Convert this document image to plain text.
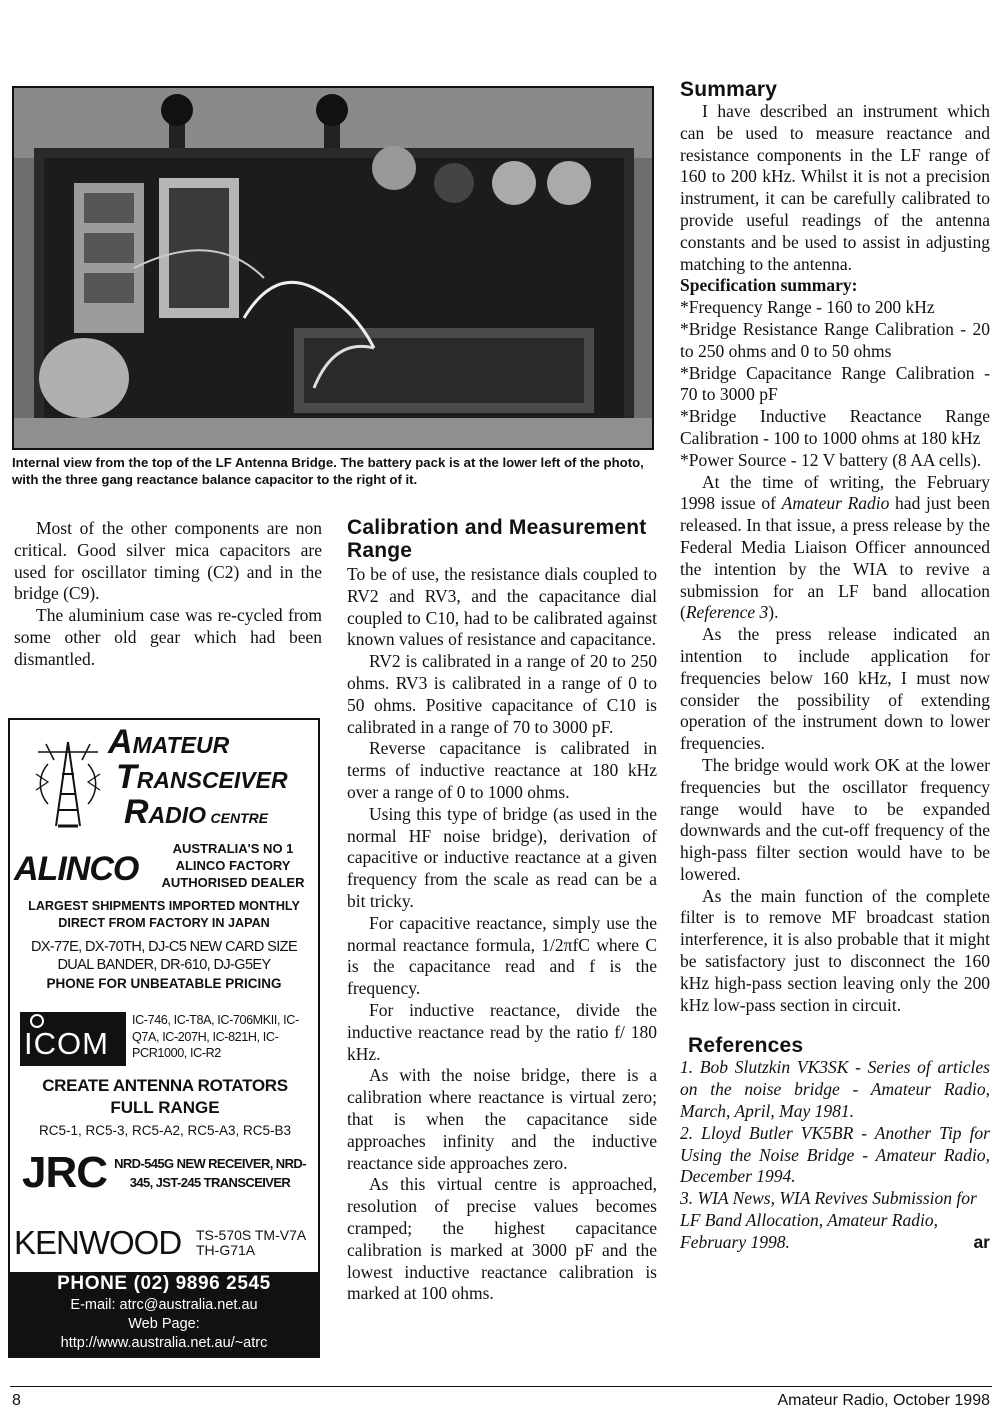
Internal view from the top of the LF Antenna Bridge. The battery pack is at the lower left of the photo, with the three gang reactance balance capacitor to the right of it.

Most of the other components are non critical. Good silver mica capacitors are used for oscillator timing (C2) and in the bridge (C9).

The aluminium case was re-cycled from some other old gear which had been dismantled.

AMATEUR
TRANSCEIVER
RADIO CENTRE
ALINCO
AUSTRALIA'S NO 1 ALINCO FACTORY AUTHORISED DEALER
LARGEST SHIPMENTS IMPORTED MONTHLY DIRECT FROM FACTORY IN JAPAN
DX-77E, DX-70TH, DJ-C5 NEW CARD SIZE DUAL BANDER, DR-610, DJ-G5EY
PHONE FOR UNBEATABLE PRICING
ICOM
IC-746, IC-T8A, IC-706MKII, IC-Q7A, IC-207H, IC-821H, IC-PCR1000, IC-R2
CREATE ANTENNA ROTATORS
FULL RANGE
RC5-1, RC5-3, RC5-A2, RC5-A3, RC5-B3
JRC NRD-545G NEW RECEIVER, NRD-345, JST-245 TRANSCEIVER
KENWOOD TS-570S TM-V7A TH-G71A
PHONE (02) 9896 2545
E-mail: atrc@australia.net.au
Web Page:
http://www.australia.net.au/~atrc
Calibration and Measurement Range

To be of use, the resistance dials coupled to RV2 and RV3, and the capacitance dial coupled to C10, had to be calibrated against known values of resistance and capacitance.

RV2 is calibrated in a range of 20 to 250 ohms. RV3 is calibrated in a range of 0 to 50 ohms. Positive capacitance of C10 is calibrated in a range of 70 to 3000 pF.

Reverse capacitance is calibrated in terms of inductive reactance at 180 kHz over a range of 0 to 1000 ohms.

Using this type of bridge (as used in the normal HF noise bridge), derivation of capacitive or inductive reactance at a given frequency from the scale as read can be a bit tricky.

For capacitive reactance, simply use the normal reactance formula, 1/2πfC where C is the capacitance read and f is the frequency.

For inductive reactance, divide the inductive reactance read by the ratio f/ 180 kHz.

As with the noise bridge, there is a calibration where reactance is virtual zero; that is when the capacitance side approaches infinity and the inductive reactance side approaches zero.

As this virtual centre is approached, resolution of precise values becomes cramped; the highest capacitance calibration is marked at 3000 pF and the lowest inductive reactance calibration is marked at 100 ohms.

Summary

I have described an instrument which can be used to measure reactance and resistance components in the LF range of 160 to 200 kHz. Whilst it is not a precision instrument, it can be carefully calibrated to provide useful readings of the antenna constants and be used to assist in adjusting matching to the antenna.

Specification summary:

*Frequency Range - 160 to 200 kHz

*Bridge Resistance Range Calibration - 20 to 250 ohms and 0 to 50 ohms

*Bridge Capacitance Range Calibration - 70 to 3000 pF

*Bridge Inductive Reactance Range Calibration - 100 to 1000 ohms at 180 kHz

*Power Source - 12 V battery (8 AA cells).

At the time of writing, the February 1998 issue of Amateur Radio had just been released. In that issue, a press release by the Federal Media Liaison Officer announced the intention by the WIA to revive a submission for an LF band allocation (Reference 3).

As the press release indicated an intention to include application for frequencies below 160 kHz, I must now consider the possibility of extending operation of the instrument down to lower frequencies.

The bridge would work OK at the lower frequencies but the oscillator frequency range would have to be expanded downwards and the cut-off frequency of the high-pass filter section would have to be lowered.

As the main function of the complete filter is to remove MF broadcast station interference, it is also probable that it might be satisfactory just to disconnect the 160 kHz high-pass section leaving only the 200 kHz low-pass section in circuit.

References

1. Bob Slutzkin VK3SK - Series of articles on the noise bridge - Amateur Radio, March, April, May 1981.

2. Lloyd Butler VK5BR - Another Tip for Using the Noise Bridge - Amateur Radio, December 1994.

3. WIA News, WIA Revives Submission for LF Band Allocation, Amateur Radio, February 1998.	ar

8	Amateur Radio, October 1998
